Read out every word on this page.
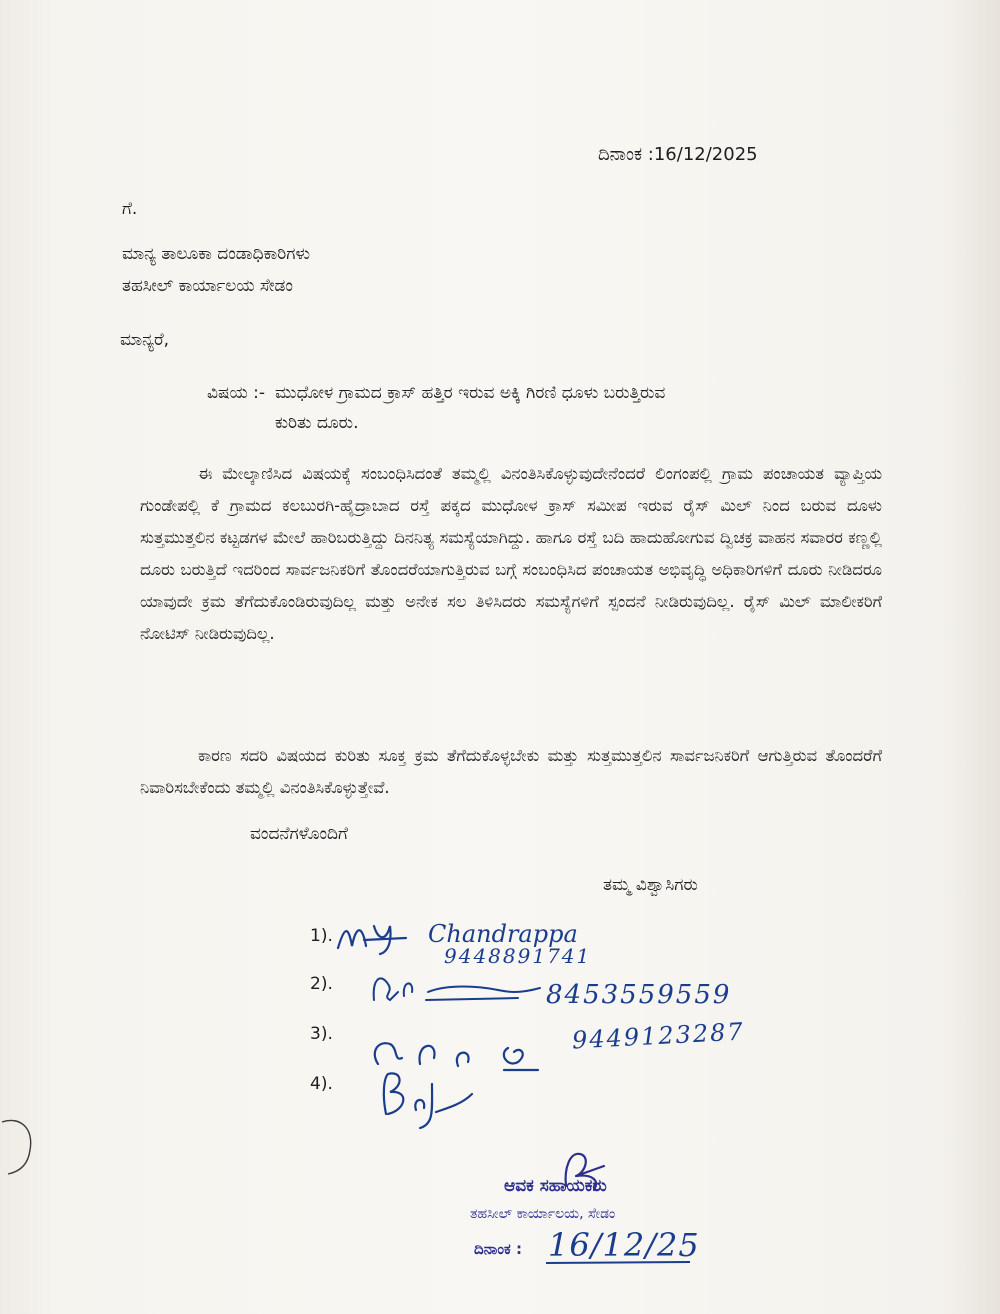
ದಿನಾಂಕ :16/12/2025
ಗೆ.
ಮಾನ್ಯ ತಾಲೂಕಾ ದಂಡಾಧಿಕಾರಿಗಳು
ತಹಸೀಲ್ ಕಾರ್ಯಾಲಯ ಸೇಡಂ
ಮಾನ್ಯರೆ,
ವಿಷಯ :- ಮುಧೋಳ ಗ್ರಾಮದ ಕ್ರಾಸ್ ಹತ್ತಿರ ಇರುವ ಅಕ್ಕಿ ಗಿರಣಿ ಧೂಳು ಬರುತ್ತಿರುವ
ಕುರಿತು ದೂರು.
ಈ ಮೇಲ್ಕಾಣಿಸಿದ ವಿಷಯಕ್ಕೆ ಸಂಬಂಧಿಸಿದಂತೆ ತಮ್ಮಲ್ಲಿ ವಿನಂತಿಸಿಕೊಳ್ಳುವುದೇನೆಂದರೆ ಲಿಂಗಂಪಲ್ಲಿ ಗ್ರಾಮ ಪಂಚಾಯತ ವ್ಯಾಪ್ತಿಯ ಗುಂಡೇಪಲ್ಲಿ ಕೆ ಗ್ರಾಮದ ಕಲಬುರಗಿ-ಹೈದ್ರಾಬಾದ ರಸ್ತೆ ಪಕ್ಕದ ಮುಧೋಳ ಕ್ರಾಸ್ ಸಮೀಪ ಇರುವ ರೈಸ್ ಮಿಲ್ ನಿಂದ ಬರುವ ದೂಳು ಸುತ್ತಮುತ್ತಲಿನ ಕಟ್ಟಡಗಳ ಮೇಲೆ ಹಾರಿಬರುತ್ತಿದ್ದು ದಿನನಿತ್ಯ ಸಮಸ್ಯೆಯಾಗಿದ್ದು. ಹಾಗೂ ರಸ್ತೆ ಬದಿ ಹಾದುಹೋಗುವ ದ್ವಿಚಕ್ರ ವಾಹನ ಸವಾರರ ಕಣ್ಣಲ್ಲಿ ದೂರು ಬರುತ್ತಿದೆ ಇದರಿಂದ ಸಾರ್ವಜನಿಕರಿಗೆ ತೊಂದರೆಯಾಗುತ್ತಿರುವ ಬಗ್ಗೆ ಸಂಬಂಧಿಸಿದ ಪಂಚಾಯತ ಅಭಿವೃದ್ಧಿ ಅಧಿಕಾರಿಗಳಿಗೆ ದೂರು ನೀಡಿದರೂ ಯಾವುದೇ ಕ್ರಮ ತೆಗೆದುಕೊಂಡಿರುವುದಿಲ್ಲ ಮತ್ತು ಅನೇಕ ಸಲ ತಿಳಿಸಿದರು ಸಮಸ್ಯೆಗಳಿಗೆ ಸ್ಪಂದನೆ ನೀಡಿರುವುದಿಲ್ಲ. ರೈಸ್ ಮಿಲ್ ಮಾಲೀಕರಿಗೆ ನೋಟಿಸ್ ನೀಡಿರುವುದಿಲ್ಲ.
ಕಾರಣ ಸದರಿ ವಿಷಯದ ಕುರಿತು ಸೂಕ್ತ ಕ್ರಮ ತೆಗೆದುಕೊಳ್ಳಬೇಕು ಮತ್ತು ಸುತ್ತಮುತ್ತಲಿನ ಸಾರ್ವಜನಿಕರಿಗೆ ಆಗುತ್ತಿರುವ ತೊಂದರೆಗೆ ನಿವಾರಿಸಬೇಕೆಂದು ತಮ್ಮಲ್ಲಿ ವಿನಂತಿಸಿಕೊಳ್ಳುತ್ತೇವೆ.
ವಂದನೆಗಳೊಂದಿಗೆ
ತಮ್ಮ ವಿಶ್ವಾಸಿಗರು
1).
2).
3).
4).
Chandrappa
9448891741
8453559559
9449123287
ಆವಕ ಸಹಾಯಕರು
ತಹಸೀಲ್ ಕಾರ್ಯಾಲಯ, ಸೇಡಂ
ದಿನಾಂಕ : 16/12/25
